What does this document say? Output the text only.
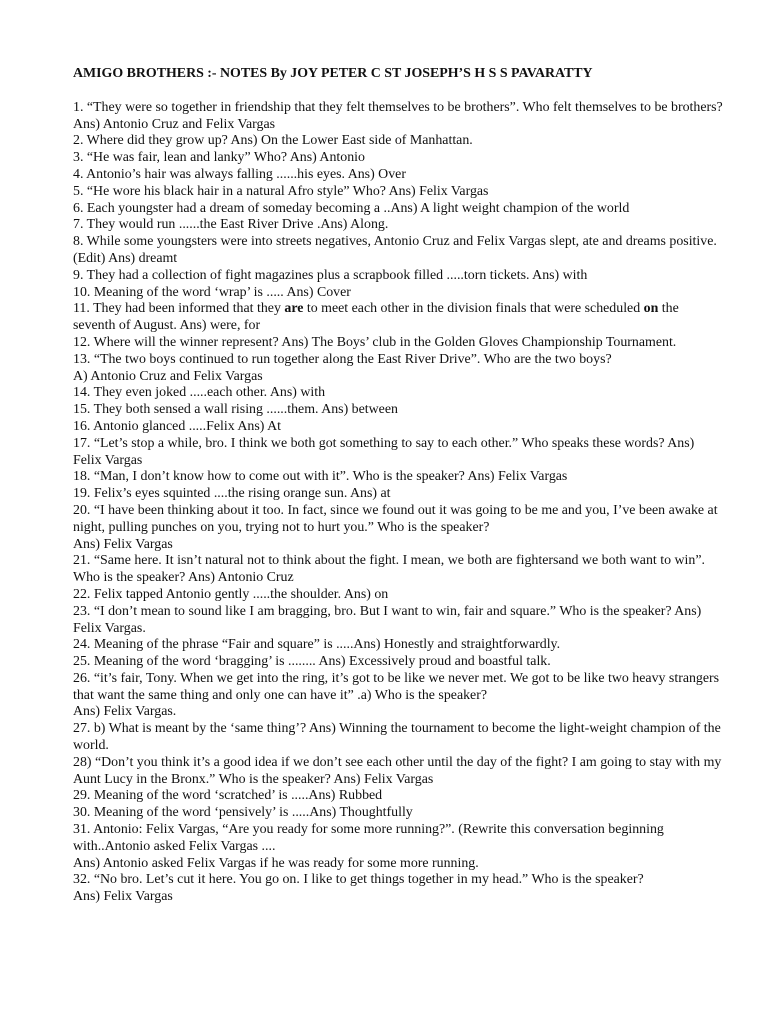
AMIGO BROTHERS :- NOTES By JOY PETER C ST JOSEPH’S H S S PAVARATTY

1. “They were so together in friendship that they felt themselves to be brothers”. Who felt themselves to be brothers? Ans) Antonio Cruz and Felix Vargas

2. Where did they grow up? Ans) On the Lower East side of Manhattan.

3. “He was fair, lean and lanky” Who? Ans) Antonio

4. Antonio’s hair was always falling ......his eyes. Ans) Over

5. “He wore his black hair in a natural Afro style” Who? Ans) Felix Vargas

6. Each youngster had a dream of someday becoming a ..Ans) A light weight champion of the world

7. They would run ......the East River Drive .Ans) Along.

8. While some youngsters were into streets negatives, Antonio Cruz and Felix Vargas slept, ate and dreams positive. (Edit) Ans) dreamt

9. They had a collection of fight magazines plus a scrapbook filled .....torn tickets. Ans) with

10. Meaning of the word ‘wrap’ is ..... Ans) Cover

11. They had been informed that they are to meet each other in the division finals that were scheduled on the seventh of August. Ans) were, for

12. Where will the winner represent? Ans) The Boys’ club in the Golden Gloves Championship Tournament.

13. “The two boys continued to run together along the East River Drive”. Who are the two boys?

A) Antonio Cruz and Felix Vargas

14. They even joked .....each other. Ans) with

15. They both sensed a wall rising ......them. Ans) between

16. Antonio glanced .....Felix Ans) At

17. “Let’s stop a while, bro. I think we both got something to say to each other.” Who speaks these words? Ans) Felix Vargas

18. “Man, I don’t know how to come out with it”. Who is the speaker? Ans) Felix Vargas

19. Felix’s eyes squinted ....the rising orange sun. Ans) at

20. “I have been thinking about it too. In fact, since we found out it was going to be me and you, I’ve been awake at night, pulling punches on you, trying not to hurt you.” Who is the speaker?

Ans) Felix Vargas

21. “Same here. It isn’t natural not to think about the fight. I mean, we both are fightersand we both want to win”. Who is the speaker? Ans) Antonio Cruz

22. Felix tapped Antonio gently .....the shoulder. Ans) on

23. “I don’t mean to sound like I am bragging, bro. But I want to win, fair and square.” Who is the speaker? Ans) Felix Vargas.

24. Meaning of the phrase “Fair and square” is .....Ans) Honestly and straightforwardly.

25. Meaning of the word ‘bragging’ is ........ Ans) Excessively proud and boastful talk.

26. “it’s fair, Tony. When we get into the ring, it’s got to be like we never met. We got to be like two heavy strangers that want the same thing and only one can have it” .a) Who is the speaker?

Ans) Felix Vargas.

27. b) What is meant by the ‘same thing’? Ans) Winning the tournament to become the light-weight champion of the world.

28) “Don’t you think it’s a good idea if we don’t see each other until the day of the fight? I am going to stay with my Aunt Lucy in the Bronx.” Who is the speaker? Ans) Felix Vargas

29. Meaning of the word ‘scratched’ is .....Ans) Rubbed

30. Meaning of the word ‘pensively’ is .....Ans) Thoughtfully

31. Antonio: Felix Vargas, “Are you ready for some more running?”. (Rewrite this conversation beginning with..Antonio asked Felix Vargas ....

Ans) Antonio asked Felix Vargas if he was ready for some more running.

32. “No bro. Let’s cut it here. You go on. I like to get things together in my head.” Who is the speaker?

Ans) Felix Vargas
